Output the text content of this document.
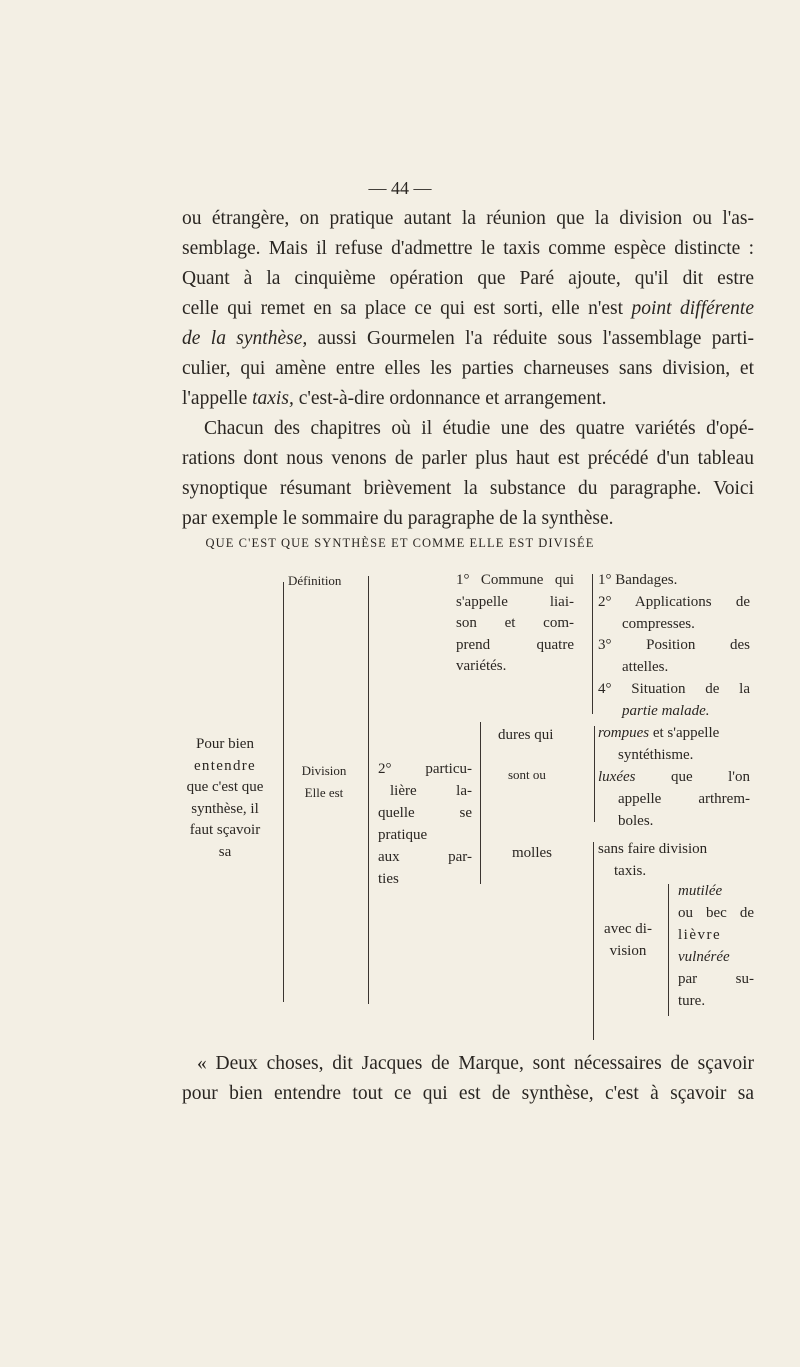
— 44 —
ou étrangère, on pratique autant la réunion que la division ou l'as-
semblage. Mais il refuse d'admettre le taxis comme espèce distincte :
Quant à la cinquième opération que Paré ajoute, qu'il dit estre
celle qui remet en sa place ce qui est sorti, elle n'est point différente
de la synthèse, aussi Gourmelen l'a réduite sous l'assemblage parti-
culier, qui amène entre elles les parties charneuses sans division, et
l'appelle taxis, c'est-à-dire ordonnance et arrangement.
Chacun des chapitres où il étudie une des quatre variétés d'opé-
rations dont nous venons de parler plus haut est précédé d'un tableau
synoptique résumant brièvement la substance du paragraphe. Voici
par exemple le sommaire du paragraphe de la synthèse.
QUE C'EST QUE SYNTHÈSE ET COMME ELLE EST DIVISÉE
Pour bien
entendre
que c'est que
synthèse, il
faut sçavoir
sa
Définition
Division
Elle est
1° Commune qui
s'appelle liai-
son et com-
prend quatre
variétés.
1° Bandages.
2° Applications de
compresses.
3° Position des
attelles.
4° Situation de la
partie malade.
2° particu-
lière la-
quelle se
pratique
aux par-
ties
dures qui
sont ou
molles
rompues et s'appelle
syntéthisme.
luxées que l'on
appelle arthrem-
boles.
sans faire division
taxis.
avec di-
vision
mutilée
ou bec de
lièvre
vulnérée
par su-
ture.
« Deux choses, dit Jacques de Marque, sont nécessaires de sçavoir
pour bien entendre tout ce qui est de synthèse, c'est à sçavoir sa
